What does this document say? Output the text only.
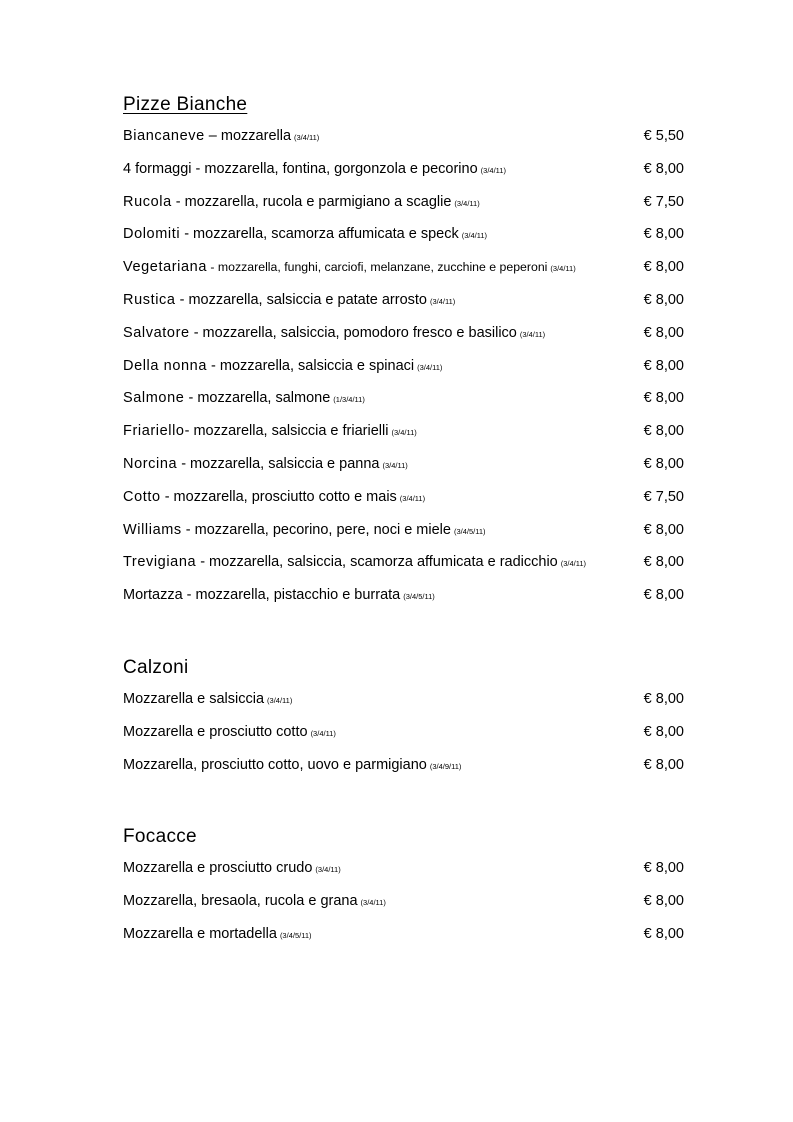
Pizze Bianche
Biancaneve – mozzarella (3/4/11)	€ 5,50
4 formaggi - mozzarella, fontina, gorgonzola e pecorino (3/4/11)	€ 8,00
Rucola - mozzarella, rucola e parmigiano a scaglie (3/4/11)	€ 7,50
Dolomiti - mozzarella, scamorza affumicata e speck (3/4/11)	€ 8,00
Vegetariana - mozzarella, funghi, carciofi, melanzane, zucchine e peperoni (3/4/11)	€ 8,00
Rustica - mozzarella, salsiccia e patate arrosto (3/4/11)	€ 8,00
Salvatore - mozzarella, salsiccia, pomodoro fresco e basilico (3/4/11)	€ 8,00
Della nonna - mozzarella, salsiccia e spinaci (3/4/11)	€ 8,00
Salmone - mozzarella, salmone (1/3/4/11)	€ 8,00
Friariello- mozzarella, salsiccia e friarielli (3/4/11)	€ 8,00
Norcina - mozzarella, salsiccia e panna (3/4/11)	€ 8,00
Cotto - mozzarella, prosciutto cotto e mais (3/4/11)	€ 7,50
Williams - mozzarella, pecorino, pere, noci e miele (3/4/5/11)	€ 8,00
Trevigiana - mozzarella, salsiccia, scamorza affumicata e radicchio (3/4/11)	€ 8,00
Mortazza - mozzarella, pistacchio e burrata (3/4/5/11)	€ 8,00
Calzoni
Mozzarella e salsiccia (3/4/11)	€ 8,00
Mozzarella e prosciutto cotto (3/4/11)	€ 8,00
Mozzarella, prosciutto cotto, uovo e parmigiano (3/4/9/11)	€ 8,00
Focacce
Mozzarella e prosciutto crudo (3/4/11)	€ 8,00
Mozzarella, bresaola, rucola e grana (3/4/11)	€ 8,00
Mozzarella e mortadella (3/4/5/11)	€ 8,00
